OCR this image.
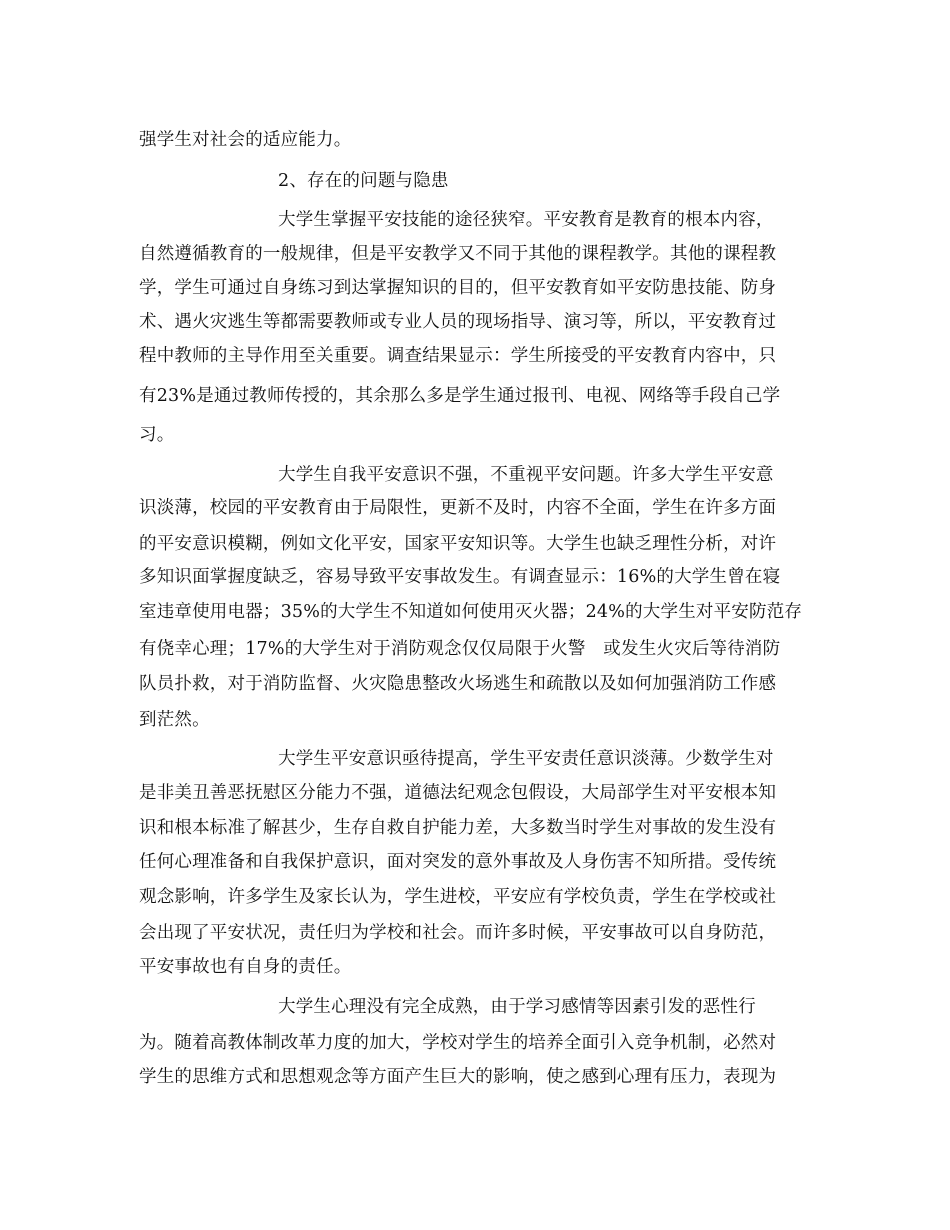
强学生对社会的适应能力。
2、存在的问题与隐患
大学生掌握平安技能的途径狭窄。平安教育是教育的根本内容，
自然遵循教育的一般规律，但是平安教学又不同于其他的课程教学。其他的课程教
学，学生可通过自身练习到达掌握知识的目的，但平安教育如平安防患技能、防身
术、遇火灾逃生等都需要教师或专业人员的现场指导、演习等，所以，平安教育过
程中教师的主导作用至关重要。调查结果显示：学生所接受的平安教育内容中，只
有23%是通过教师传授的，其余那么多是学生通过报刊、电视、网络等手段自己学
习。
大学生自我平安意识不强，不重视平安问题。许多大学生平安意
识淡薄，校园的平安教育由于局限性，更新不及时，内容不全面，学生在许多方面
的平安意识模糊，例如文化平安，国家平安知识等。大学生也缺乏理性分析，对许
多知识面掌握度缺乏，容易导致平安事故发生。有调查显示：16%的大学生曾在寝
室违章使用电器；35%的大学生不知道如何使用灭火器；24%的大学生对平安防范存
有侥幸心理；17%的大学生对于消防观念仅仅局限于火警　或发生火灾后等待消防
队员扑救，对于消防监督、火灾隐患整改火场逃生和疏散以及如何加强消防工作感
到茫然。
大学生平安意识亟待提高，学生平安责任意识淡薄。少数学生对
是非美丑善恶抚慰区分能力不强，道德法纪观念包假设，大局部学生对平安根本知
识和根本标准了解甚少，生存自救自护能力差，大多数当时学生对事故的发生没有
任何心理准备和自我保护意识，面对突发的意外事故及人身伤害不知所措。受传统
观念影响，许多学生及家长认为，学生进校，平安应有学校负责，学生在学校或社
会出现了平安状况，责任归为学校和社会。而许多时候，平安事故可以自身防范，
平安事故也有自身的责任。
大学生心理没有完全成熟，由于学习感情等因素引发的恶性行
为。随着高教体制改革力度的加大，学校对学生的培养全面引入竞争机制，必然对
学生的思维方式和思想观念等方面产生巨大的影响，使之感到心理有压力，表现为
